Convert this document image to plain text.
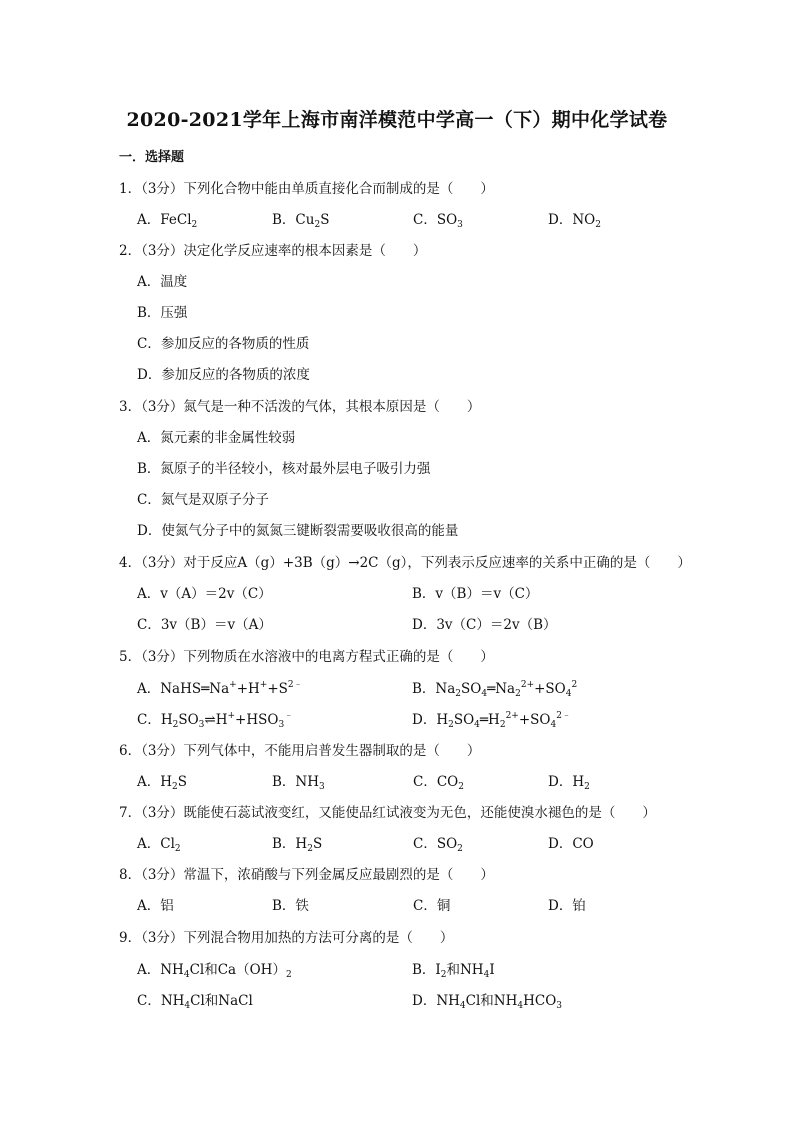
2020-2021学年上海市南洋模范中学高一（下）期中化学试卷
一．选择题
1．（3分）下列化合物中能由单质直接化合而制成的是（　　）
A．FeCl$_2$	B．$Cu_2S$	C．$SO_3$	D．$NO_2$
2．（3分）决定化学反应速率的根本因素是（　　）
A．温度
B．压强
C．参加反应的各物质的性质
D．参加反应的各物质的浓度
3．（3分）氮气是一种不活泼的气体，其根本原因是（　　）
A．氮元素的非金属性较弱
B．氮原子的半径较小，核对最外层电子吸引力强
C．氮气是双原子分子
D．使氮气分子中的氮氮三键断裂需要吸收很高的能量
4．（3分）对于反应A（g）+3B（g）→2C（g），下列表示反应速率的关系中正确的是（　　）
A．v（A）＝2v（C）	B．v（B）＝v（C）
C．3v（B）＝v（A）	D．3v（C）＝2v（B）
5．（3分）下列物质在水溶液中的电离方程式正确的是（　　）
A．$NaHS═Na^++H^++S^{2﹣}$	B．$Na_2SO_4═Na_2^{2+}+SO_4^2$
C．$H_2SO_3\rightleftharpoons H^++HSO_3^﹣$	D．$H_2SO_4═H_2^{2+}+SO_4^{2﹣}$
6．（3分）下列气体中，不能用启普发生器制取的是（　　）
A．$H_2S$	B．$NH_3$	C．$CO_2$	D．$H_2$
7．（3分）既能使石蕊试液变红，又能使品红试液变为无色，还能使溴水褪色的是（　　）
A．$Cl_2$	B．$H_2S$	C．$SO_2$	D．CO
8．（3分）常温下，浓硝酸与下列金属反应最剧烈的是（　　）
A．铝	B．铁	C．铜	D．铂
9．（3分）下列混合物用加热的方法可分离的是（　　）
A．$NH_4Cl$和$Ca(OH)_2$	B．$I_2$和$NH_4I$
C．$NH_4Cl$和NaCl	D．$NH_4Cl$和$NH_4HCO_3$
